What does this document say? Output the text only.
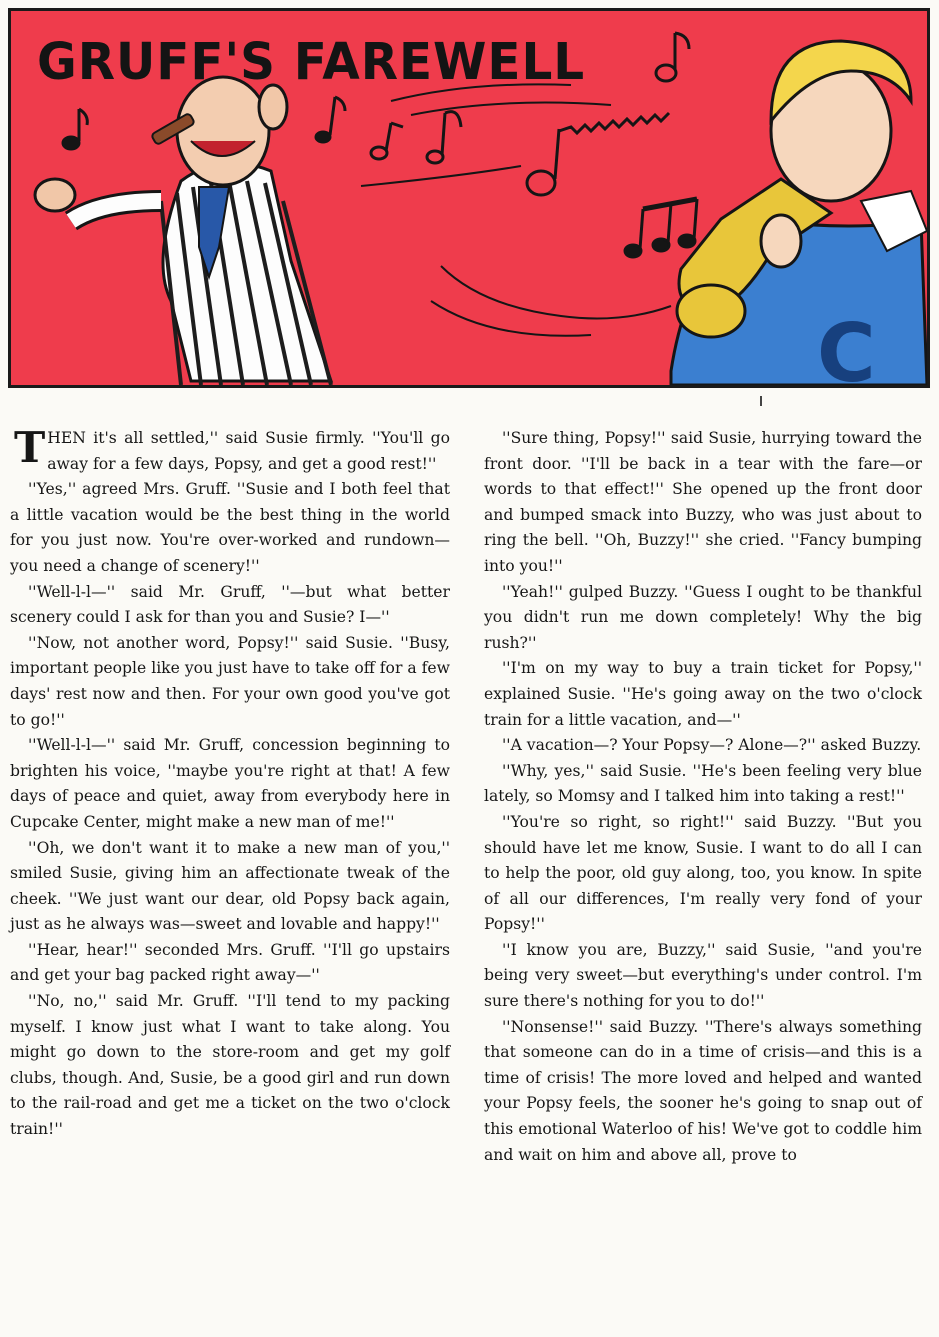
C
GRUFF'S FAREWELL

THEN it's all settled,'' said Susie firmly. ''You'll go away for a few days, Popsy, and get a good rest!''

''Yes,'' agreed Mrs. Gruff. ''Susie and I both feel that a little vacation would be the best thing in the world for you just now. You're over-worked and rundown—you need a change of scenery!''

''Well-l-l—'' said Mr. Gruff, ''—but what better scenery could I ask for than you and Susie? I—''

''Now, not another word, Popsy!'' said Susie. ''Busy, important people like you just have to take off for a few days' rest now and then. For your own good you've got to go!''

''Well-l-l—'' said Mr. Gruff, concession beginning to brighten his voice, ''maybe you're right at that! A few days of peace and quiet, away from everybody here in Cupcake Center, might make a new man of me!''

''Oh, we don't want it to make a new man of you,'' smiled Susie, giving him an affectionate tweak of the cheek. ''We just want our dear, old Popsy back again, just as he always was—sweet and lovable and happy!''

''Hear, hear!'' seconded Mrs. Gruff. ''I'll go upstairs and get your bag packed right away—''

''No, no,'' said Mr. Gruff. ''I'll tend to my packing myself. I know just what I want to take along. You might go down to the store-room and get my golf clubs, though. And, Susie, be a good girl and run down to the rail-road and get me a ticket on the two o'clock train!''

''Sure thing, Popsy!'' said Susie, hurrying toward the front door. ''I'll be back in a tear with the fare—or words to that effect!'' She opened up the front door and bumped smack into Buzzy, who was just about to ring the bell. ''Oh, Buzzy!'' she cried. ''Fancy bumping into you!''

''Yeah!'' gulped Buzzy. ''Guess I ought to be thankful you didn't run me down completely! Why the big rush?''

''I'm on my way to buy a train ticket for Popsy,'' explained Susie. ''He's going away on the two o'clock train for a little vacation, and—''

''A vacation—? Your Popsy—? Alone—?'' asked Buzzy.

''Why, yes,'' said Susie. ''He's been feeling very blue lately, so Momsy and I talked him into taking a rest!''

''You're so right, so right!'' said Buzzy. ''But you should have let me know, Susie. I want to do all I can to help the poor, old guy along, too, you know. In spite of all our differences, I'm really very fond of your Popsy!''

''I know you are, Buzzy,'' said Susie, ''and you're being very sweet—but everything's under control. I'm sure there's nothing for you to do!''

''Nonsense!'' said Buzzy. ''There's always something that someone can do in a time of crisis—and this is a time of crisis! The more loved and helped and wanted your Popsy feels, the sooner he's going to snap out of this emotional Waterloo of his! We've got to coddle him and wait on him and above all, prove to
